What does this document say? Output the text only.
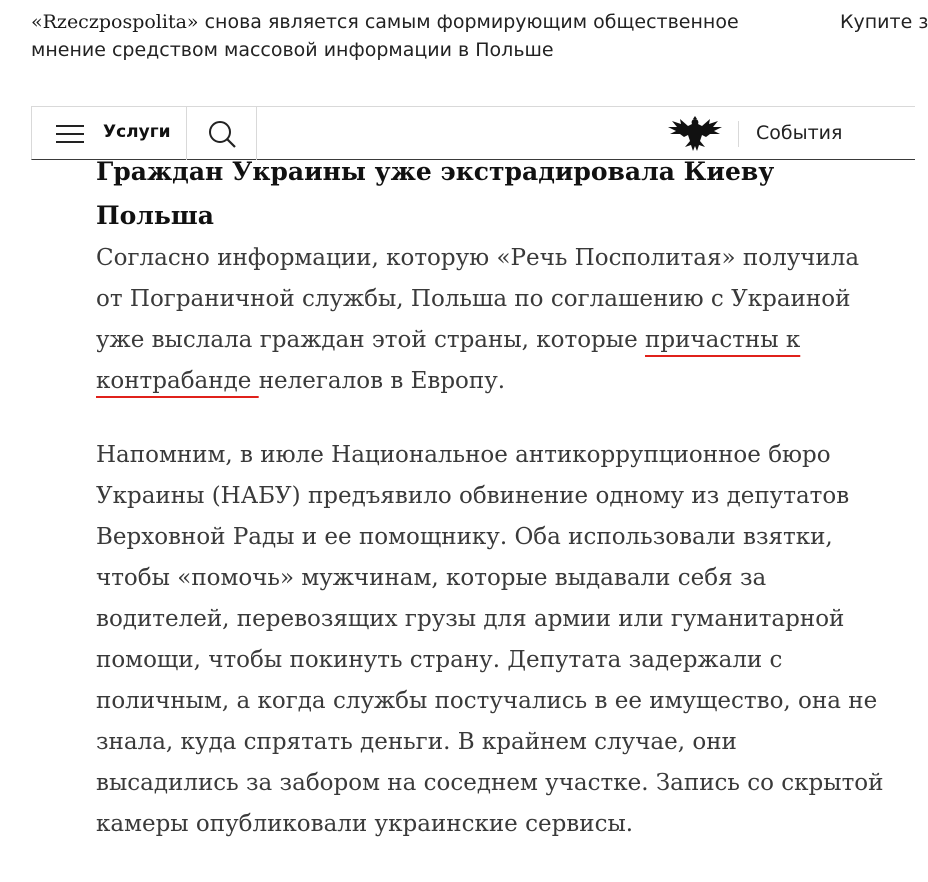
«Rzeczpospolita» снова является самым формирующим общественное мнение средством массовой информации в Польше
Купите з
Услуги	События
Граждан Украины уже экстрадировала Киеву Польша

Согласно информации, которую «Речь Посполитая» получила от Пограничной службы, Польша по соглашению с Украиной уже выслала граждан этой страны, которые причастны к контрабанде нелегалов в Европу.

Напомним, в июле Национальное антикоррупционное бюро Украины (НАБУ) предъявило обвинение одному из депутатов Верховной Рады и ее помощнику. Оба использовали взятки, чтобы «помочь» мужчинам, которые выдавали себя за водителей, перевозящих грузы для армии или гуманитарной помощи, чтобы покинуть страну. Депутата задержали с поличным, а когда службы постучались в ее имущество, она не знала, куда спрятать деньги. В крайнем случае, они высадились за забором на соседнем участке. Запись со скрытой камеры опубликовали украинские сервисы.
